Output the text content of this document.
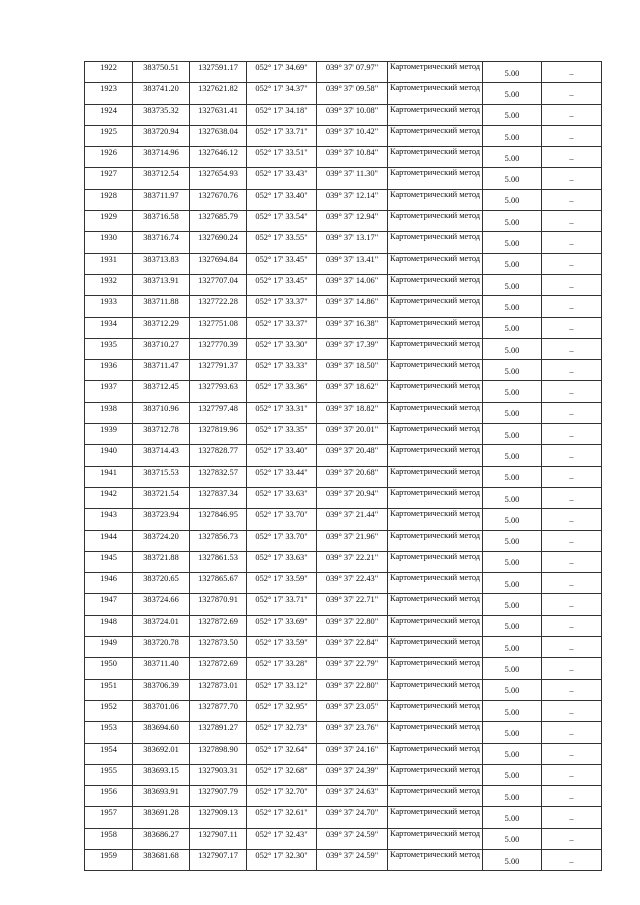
1922	383750.51	1327591.17	052° 17' 34.69"	039° 37' 07.97"	Картометрический метод	5.00	–
1923	383741.20	1327621.82	052° 17' 34.37"	039° 37' 09.58"	Картометрический метод	5.00	–
1924	383735.32	1327631.41	052° 17' 34.18"	039° 37' 10.08"	Картометрический метод	5.00	–
1925	383720.94	1327638.04	052° 17' 33.71"	039° 37' 10.42"	Картометрический метод	5.00	–
1926	383714.96	1327646.12	052° 17' 33.51"	039° 37' 10.84"	Картометрический метод	5.00	–
1927	383712.54	1327654.93	052° 17' 33.43"	039° 37' 11.30"	Картометрический метод	5.00	–
1928	383711.97	1327670.76	052° 17' 33.40"	039° 37' 12.14"	Картометрический метод	5.00	–
1929	383716.58	1327685.79	052° 17' 33.54"	039° 37' 12.94"	Картометрический метод	5.00	–
1930	383716.74	1327690.24	052° 17' 33.55"	039° 37' 13.17"	Картометрический метод	5.00	–
1931	383713.83	1327694.84	052° 17' 33.45"	039° 37' 13.41"	Картометрический метод	5.00	–
1932	383713.91	1327707.04	052° 17' 33.45"	039° 37' 14.06"	Картометрический метод	5.00	–
1933	383711.88	1327722.28	052° 17' 33.37"	039° 37' 14.86"	Картометрический метод	5.00	–
1934	383712.29	1327751.08	052° 17' 33.37"	039° 37' 16.38"	Картометрический метод	5.00	–
1935	383710.27	1327770.39	052° 17' 33.30"	039° 37' 17.39"	Картометрический метод	5.00	–
1936	383711.47	1327791.37	052° 17' 33.33"	039° 37' 18.50"	Картометрический метод	5.00	–
1937	383712.45	1327793.63	052° 17' 33.36"	039° 37' 18.62"	Картометрический метод	5.00	–
1938	383710.96	1327797.48	052° 17' 33.31"	039° 37' 18.82"	Картометрический метод	5.00	–
1939	383712.78	1327819.96	052° 17' 33.35"	039° 37' 20.01"	Картометрический метод	5.00	–
1940	383714.43	1327828.77	052° 17' 33.40"	039° 37' 20.48"	Картометрический метод	5.00	–
1941	383715.53	1327832.57	052° 17' 33.44"	039° 37' 20.68"	Картометрический метод	5.00	–
1942	383721.54	1327837.34	052° 17' 33.63"	039° 37' 20.94"	Картометрический метод	5.00	–
1943	383723.94	1327846.95	052° 17' 33.70"	039° 37' 21.44"	Картометрический метод	5.00	–
1944	383724.20	1327856.73	052° 17' 33.70"	039° 37' 21.96"	Картометрический метод	5.00	–
1945	383721.88	1327861.53	052° 17' 33.63"	039° 37' 22.21"	Картометрический метод	5.00	–
1946	383720.65	1327865.67	052° 17' 33.59"	039° 37' 22.43"	Картометрический метод	5.00	–
1947	383724.66	1327870.91	052° 17' 33.71"	039° 37' 22.71"	Картометрический метод	5.00	–
1948	383724.01	1327872.69	052° 17' 33.69"	039° 37' 22.80"	Картометрический метод	5.00	–
1949	383720.78	1327873.50	052° 17' 33.59"	039° 37' 22.84"	Картометрический метод	5.00	–
1950	383711.40	1327872.69	052° 17' 33.28"	039° 37' 22.79"	Картометрический метод	5.00	–
1951	383706.39	1327873.01	052° 17' 33.12"	039° 37' 22.80"	Картометрический метод	5.00	–
1952	383701.06	1327877.70	052° 17' 32.95"	039° 37' 23.05"	Картометрический метод	5.00	–
1953	383694.60	1327891.27	052° 17' 32.73"	039° 37' 23.76"	Картометрический метод	5.00	–
1954	383692.01	1327898.90	052° 17' 32.64"	039° 37' 24.16"	Картометрический метод	5.00	–
1955	383693.15	1327903.31	052° 17' 32.68"	039° 37' 24.39"	Картометрический метод	5.00	–
1956	383693.91	1327907.79	052° 17' 32.70"	039° 37' 24.63"	Картометрический метод	5.00	–
1957	383691.28	1327909.13	052° 17' 32.61"	039° 37' 24.70"	Картометрический метод	5.00	–
1958	383686.27	1327907.11	052° 17' 32.43"	039° 37' 24.59"	Картометрический метод	5.00	–
1959	383681.68	1327907.17	052° 17' 32.30"	039° 37' 24.59"	Картометрический метод	5.00	–
